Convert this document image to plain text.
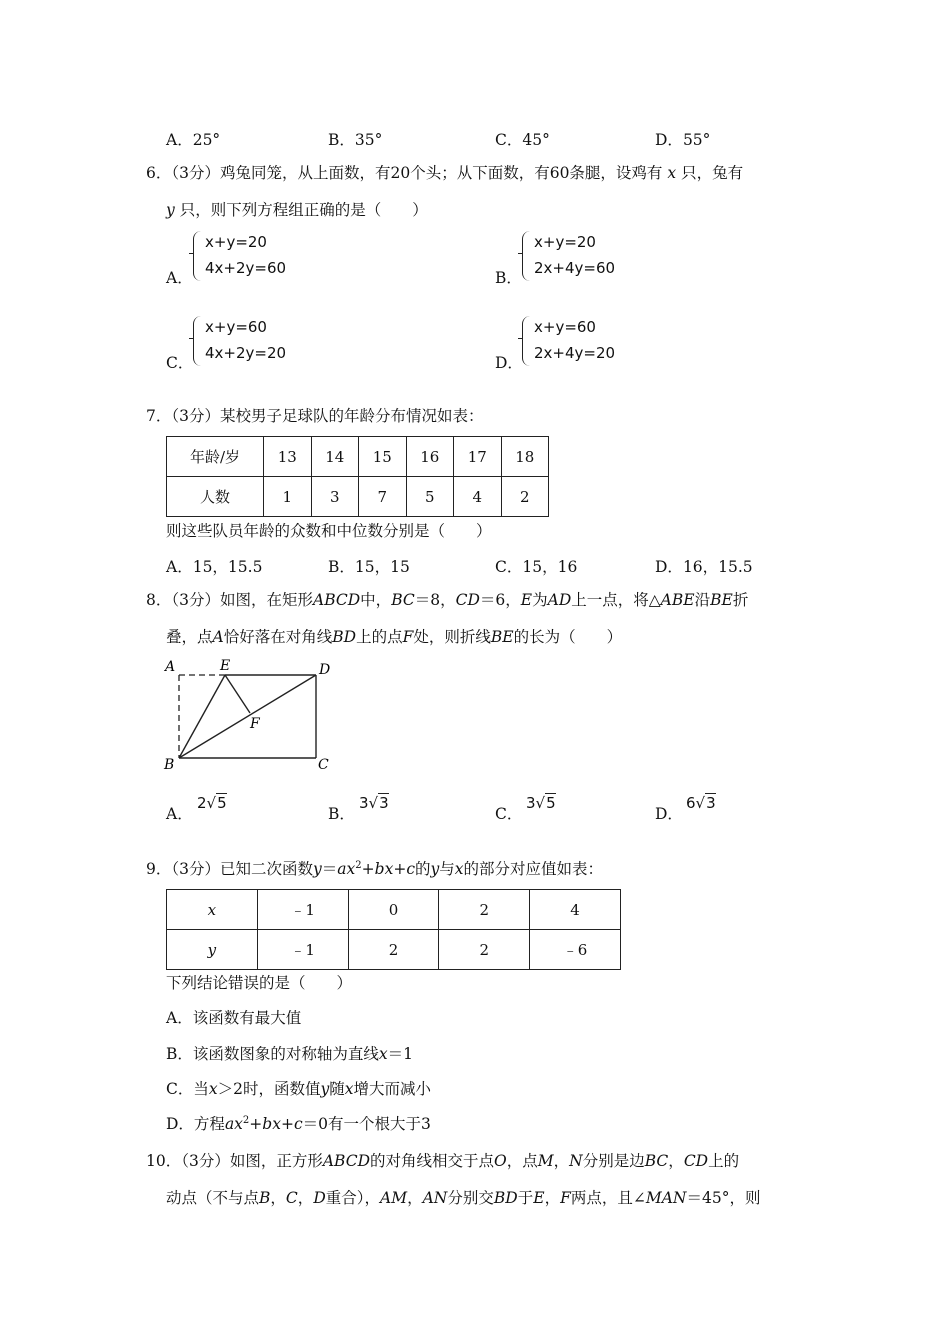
A．25°	B．35°	C．45°	D．55°
6．（3分）鸡兔同笼，从上面数，有20个头；从下面数，有60条腿，设鸡有 x 只，兔有
y 只，则下列方程组正确的是（　　）
A．
x+y=20
4x+2y=60
B．
x+y=20
2x+4y=60
C．
x+y=60
4x+2y=20
D．
x+y=60
2x+4y=20
7．（3分）某校男子足球队的年龄分布情况如表：
年龄/岁	13	14	15	16	17	18
人数	1	3	7	5	4	2
则这些队员年龄的众数和中位数分别是（　　）
A．15，15.5	B．15，15	C．15，16	D．16，15.5
8．（3分）如图，在矩形ABCD中，BC＝8，CD＝6，E为AD上一点，将△ABE沿BE折
叠，点A恰好落在对角线BD上的点F处，则折线BE的长为（　　）
A	E	D
F
B	C
A．
2√5
B．
3√3
C．
3√5
D．
6√3
9．（3分）已知二次函数$y=ax^2+bx+c$的y与x的部分对应值如表：
x	﹣1	0	2	4
y	﹣1	2	2	﹣6
下列结论错误的是（　　）
A．该函数有最大值
B．该函数图象的对称轴为直线x＝1
C．当x＞2时，函数值y随x增大而减小
D．方程$ax^2+bx+c=0$有一个根大于3
10．（3分）如图，正方形ABCD的对角线相交于点O，点M，N分别是边BC，CD上的
动点（不与点B，C，D重合），AM，AN分别交BD于E，F两点，且∠MAN＝45°，则
